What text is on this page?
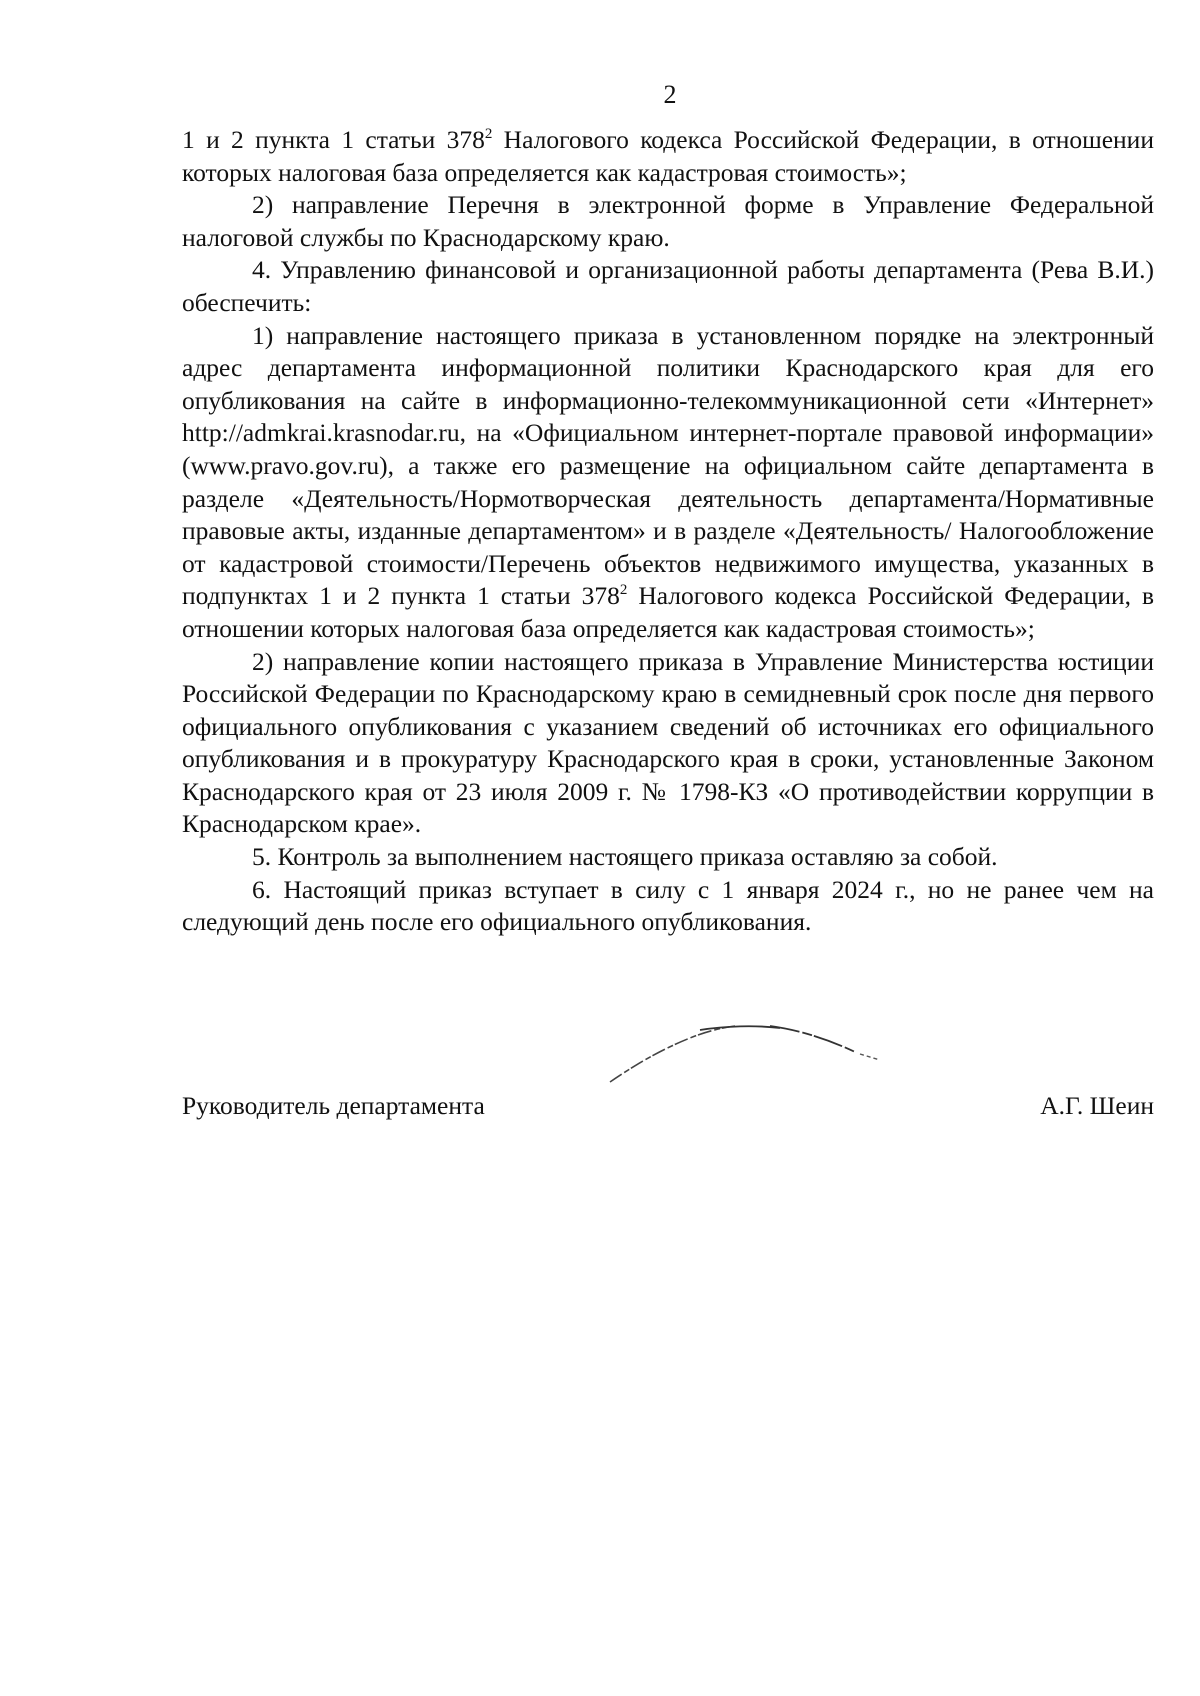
2

1 и 2 пункта 1 статьи $378^2$ Налогового кодекса Российской Федерации, в отношении которых налоговая база определяется как кадастровая стоимость»;

2) направление Перечня в электронной форме в Управление Федеральной налоговой службы по Краснодарскому краю.

4. Управлению финансовой и организационной работы департамента (Рева В.И.) обеспечить:

1) направление настоящего приказа в установленном порядке на электронный адрес департамента информационной политики Краснодарского края для его опубликования на сайте в информационно-телекоммуникационной сети «Интернет» http://admkrai.krasnodar.ru, на «Официальном интернет-портале правовой информации» (www.pravo.gov.ru), а также его размещение на официальном сайте департамента в разделе «Деятельность/Нормотворческая деятельность департамента/Нормативные правовые акты, изданные департаментом» и в разделе «Деятельность/ Налогообложение от кадастровой стоимости/Перечень объектов недвижимого имущества, указанных в подпунктах 1 и 2 пункта 1 статьи $378^2$ Налогового кодекса Российской Федерации, в отношении которых налоговая база определяется как кадастровая стоимость»;

2) направление копии настоящего приказа в Управление Министерства юстиции Российской Федерации по Краснодарскому краю в семидневный срок после дня первого официального опубликования с указанием сведений об источниках его официального опубликования и в прокуратуру Краснодарского края в сроки, установленные Законом Краснодарского края от 23 июля 2009 г. № 1798-КЗ «О противодействии коррупции в Краснодарском крае».

5. Контроль за выполнением настоящего приказа оставляю за собой.

6. Настоящий приказ вступает в силу с 1 января 2024 г., но не ранее чем на следующий день после его официального опубликования.

Руководитель департамента	А.Г. Шеин
